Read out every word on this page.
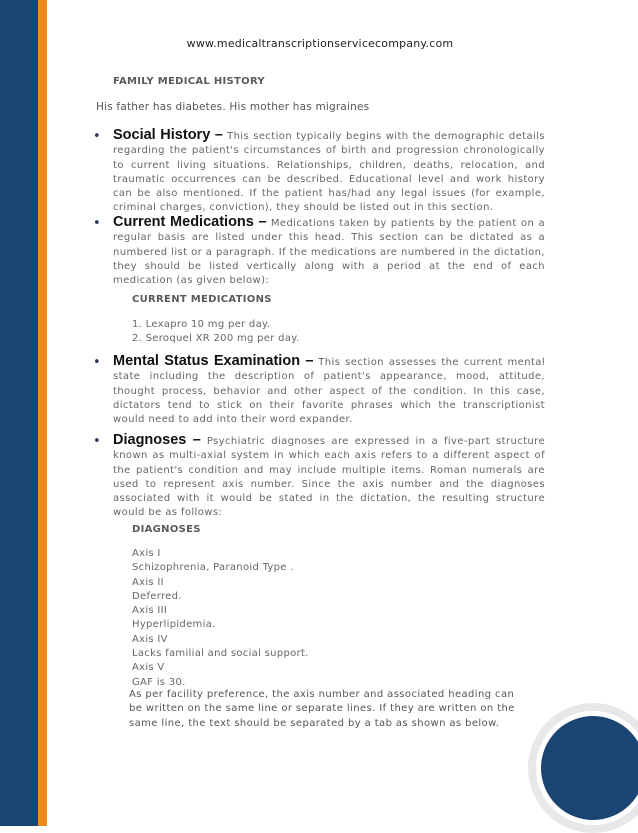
www.medicaltranscriptionservicecompany.com
FAMILY MEDICAL HISTORY
His father has diabetes. His mother has migraines
• Social History – This section typically begins with the demographic details regarding the patient's circumstances of birth and progression chronologically to current living situations. Relationships, children, deaths, relocation, and traumatic occurrences can be described. Educational level and work history can be also mentioned. If the patient has/had any legal issues (for example, criminal charges, conviction), they should be listed out in this section.

• Current Medications – Medications taken by patients by the patient on a regular basis are listed under this head. This section can be dictated as a numbered list or a paragraph. If the medications are numbered in the dictation, they should be listed vertically along with a period at the end of each medication (as given below):

CURRENT MEDICATIONS
1. Lexapro 10 mg per day.
2. Seroquel XR 200 mg per day.
• Mental Status Examination – This section assesses the current mental state including the description of patient's appearance, mood, attitude, thought process, behavior and other aspect of the condition. In this case, dictators tend to stick on their favorite phrases which the transcriptionist would need to add into their word expander.

• Diagnoses – Psychiatric diagnoses are expressed in a five-part structure known as multi-axial system in which each axis refers to a different aspect of the patient's condition and may include multiple items. Roman numerals are used to represent axis number. Since the axis number and the diagnoses associated with it would be stated in the dictation, the resulting structure would be as follows:

DIAGNOSES
Axis I
Schizophrenia, Paranoid Type .
Axis II
Deferred.
Axis III
Hyperlipidemia.
Axis IV
Lacks familial and social support.
Axis V
GAF is 30.

As per facility preference, the axis number and associated heading can be written on the same line or separate lines. If they are written on the same line, the text should be separated by a tab as shown as below.
